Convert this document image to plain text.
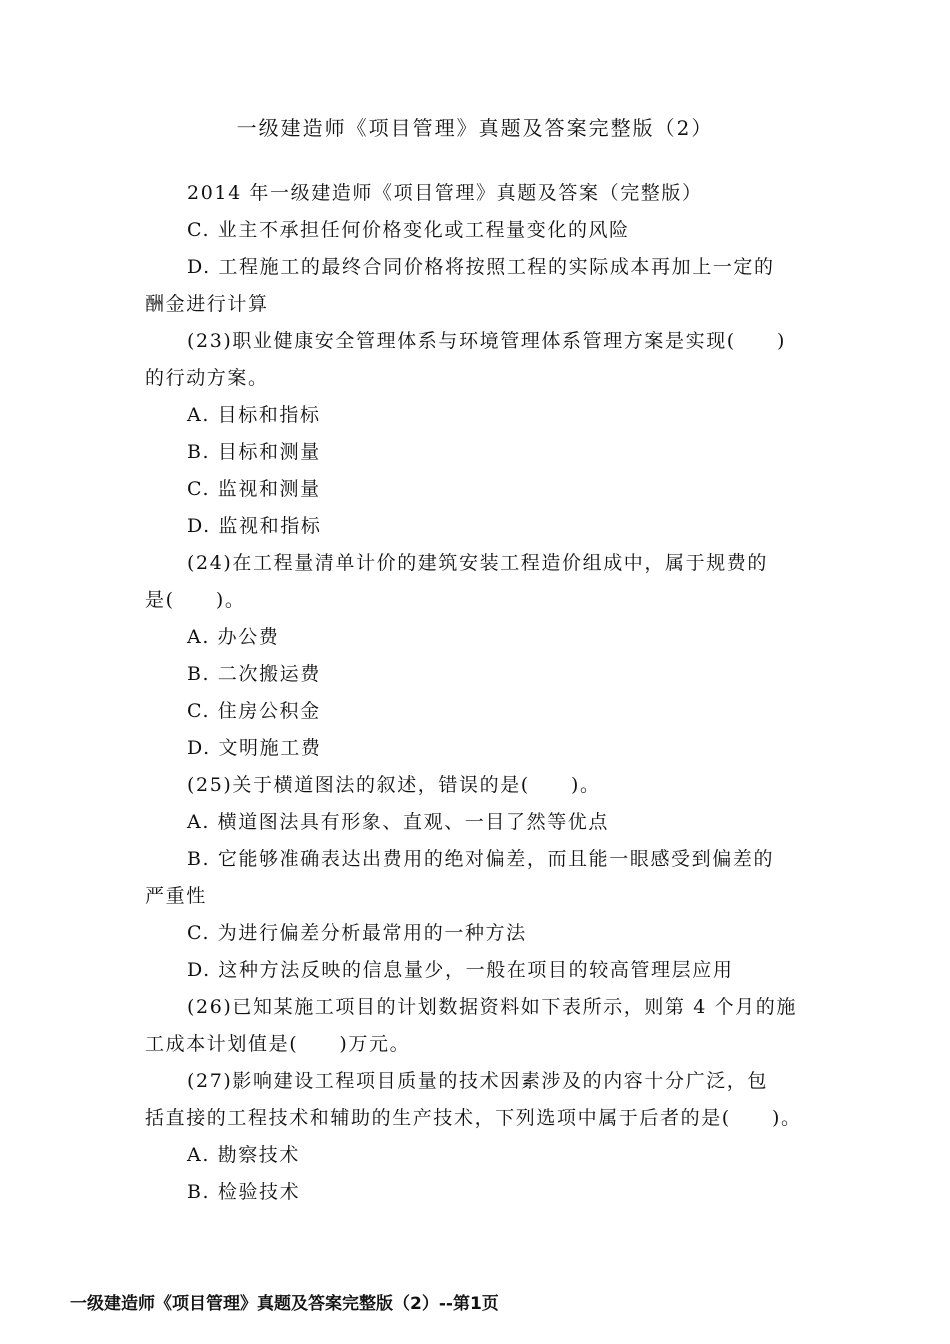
一级建造师《项目管理》真题及答案完整版（2）
2014 年一级建造师《项目管理》真题及答案（完整版）
C. 业主不承担任何价格变化或工程量变化的风险
D. 工程施工的最终合同价格将按照工程的实际成本再加上一定的
酬金进行计算
(23)职业健康安全管理体系与环境管理体系管理方案是实现(　　)
的行动方案。
A. 目标和指标
B. 目标和测量
C. 监视和测量
D. 监视和指标
(24)在工程量清单计价的建筑安装工程造价组成中，属于规费的
是(　　)。
A. 办公费
B. 二次搬运费
C. 住房公积金
D. 文明施工费
(25)关于横道图法的叙述，错误的是(　　)。
A. 横道图法具有形象、直观、一目了然等优点
B. 它能够准确表达出费用的绝对偏差，而且能一眼感受到偏差的
严重性
C. 为进行偏差分析最常用的一种方法
D. 这种方法反映的信息量少，一般在项目的较高管理层应用
(26)已知某施工项目的计划数据资料如下表所示，则第 4 个月的施
工成本计划值是(　　)万元。
(27)影响建设工程项目质量的技术因素涉及的内容十分广泛，包
括直接的工程技术和辅助的生产技术，下列选项中属于后者的是(　　)。
A. 勘察技术
B. 检验技术
一级建造师《项目管理》真题及答案完整版（2）--第1页
